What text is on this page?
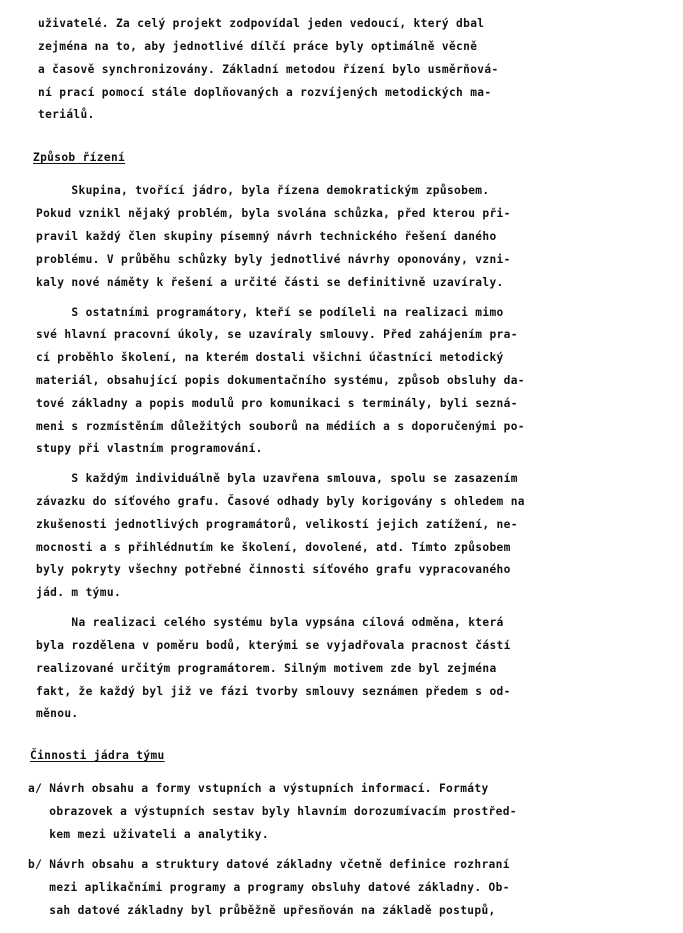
uživatelé. Za celý projekt zodpovídal jeden vedoucí, který dbal
zejména na to, aby jednotlivé dílčí práce byly optimálně věcně
a časově synchronizovány. Základní metodou řízení bylo usměrňová-
ní prací pomocí stále doplňovaných a rozvíjených metodických ma-
teriálů.
Způsob řízení
Skupina, tvořící jádro, byla řízena demokratickým způsobem.
Pokud vznikl nějaký problém, byla svolána schůzka, před kterou při-
pravil každý člen skupiny písemný návrh technického řešení daného
problému. V průběhu schůzky byly jednotlivé návrhy oponovány, vzni-
kaly nové náměty k řešení a určité části se definitivně uzavíraly.
S ostatními programátory, kteří se podíleli na realizaci mimo
své hlavní pracovní úkoly, se uzavíraly smlouvy. Před zahájením pra-
cí proběhlo školení, na kterém dostali všichni účastníci metodický
materiál, obsahující popis dokumentačního systému, způsob obsluhy da-
tové základny a popis modulů pro komunikaci s terminály, byli sezná-
meni s rozmístěním důležitých souborů na médiích a s doporučenými po-
stupy při vlastním programování.
S každým individuálně byla uzavřena smlouva, spolu se zasazením
závazku do síťového grafu. Časové odhady byly korigovány s ohledem na
zkušenosti jednotlivých programátorů, velikostí jejich zatížení, ne-
mocnosti a s přihlédnutím ke školení, dovolené, atd. Tímto způsobem
byly pokryty všechny potřebné činnosti síťového grafu vypracovaného
jád. m týmu.
Na realizaci celého systému byla vypsána cílová odměna, která
byla rozdělena v poměru bodů, kterými se vyjadřovala pracnost částí
realizované určitým programátorem. Silným motivem zde byl zejména
fakt, že každý byl již ve fázi tvorby smlouvy seznámen předem s od-
měnou.
Činnosti jádra týmu
a/ Návrh obsahu a formy vstupních a výstupních informací. Formáty
obrazovek a výstupních sestav byly hlavním dorozumívacím prostřed-
kem mezi uživateli a analytiky.
b/ Návrh obsahu a struktury datové základny včetně definice rozhraní
mezi aplikačními programy a programy obsluhy datové základny. Ob-
sah datové základny byl průběžně upřesňován na základě postupů,
